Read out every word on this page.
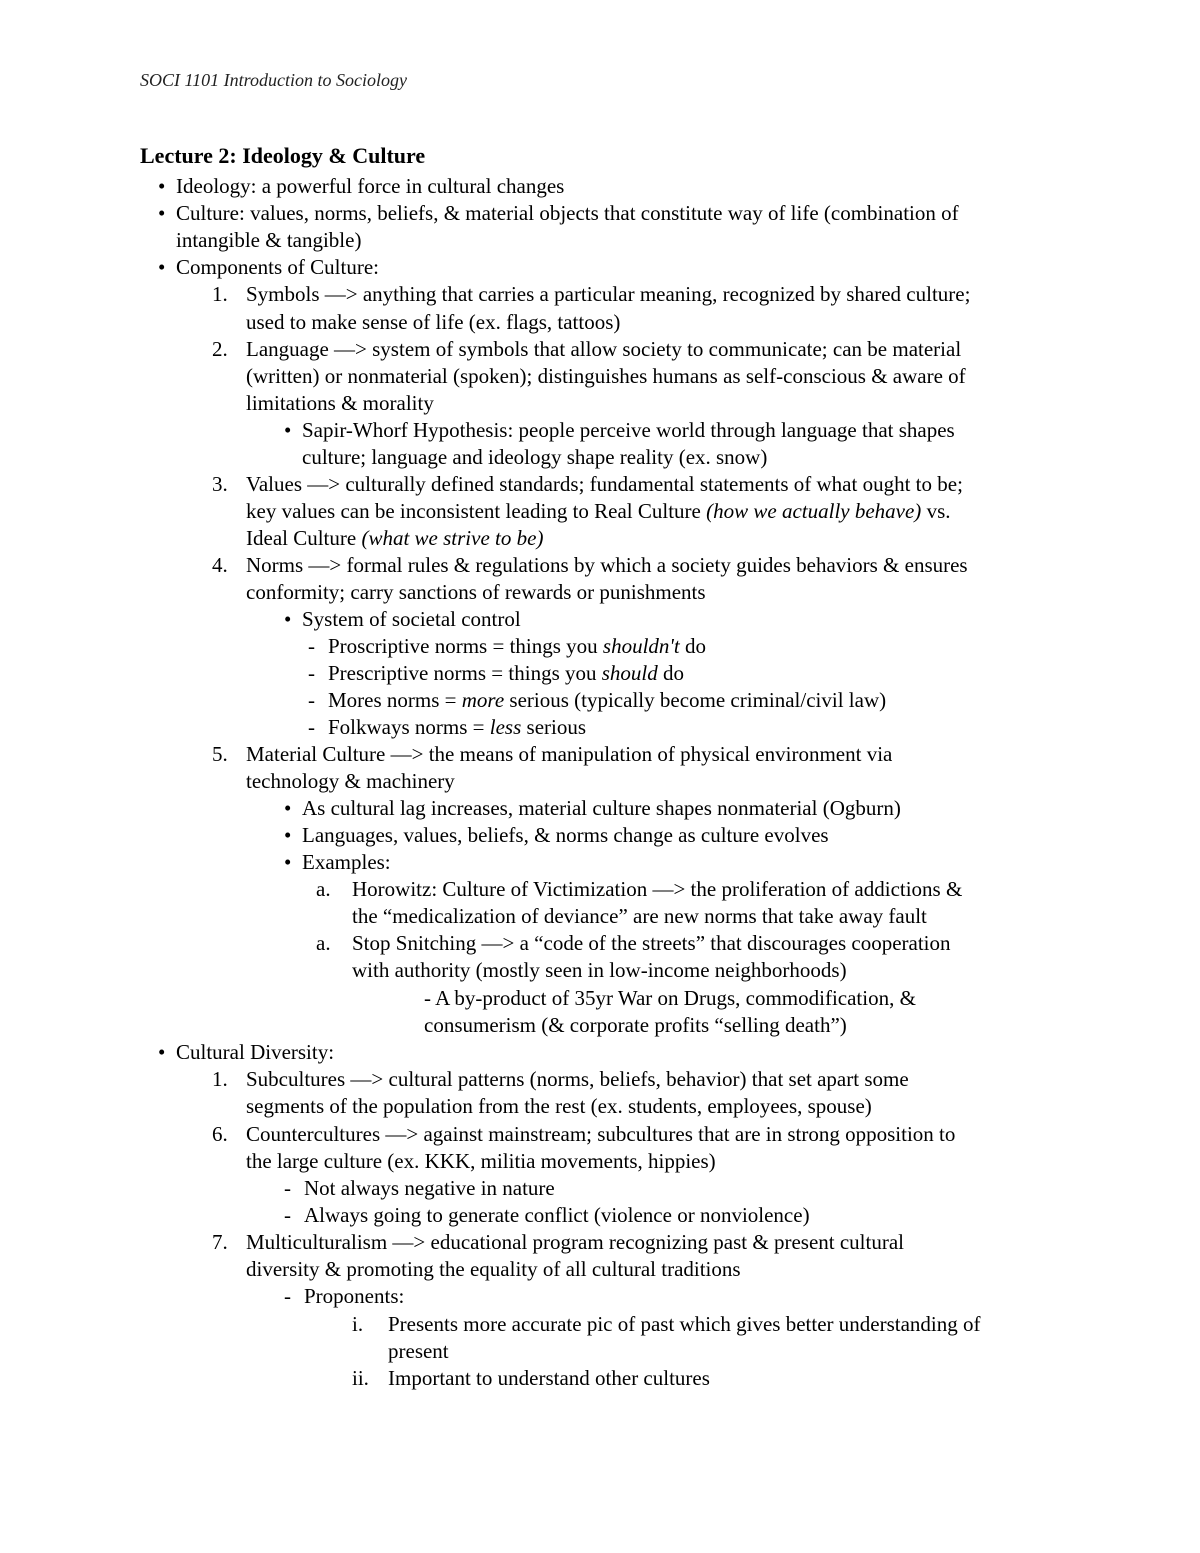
SOCI 1101 Introduction to Sociology
Lecture 2: Ideology & Culture
• Ideology: a powerful force in cultural changes
• Culture: values, norms, beliefs, & material objects that constitute way of life (combination of
intangible & tangible)
• Components of Culture:
1. Symbols —> anything that carries a particular meaning, recognized by shared culture;
used to make sense of life (ex. flags, tattoos)
2. Language —> system of symbols that allow society to communicate; can be material
(written) or nonmaterial (spoken); distinguishes humans as self-conscious & aware of
limitations & morality
• Sapir-Whorf Hypothesis: people perceive world through language that shapes
culture; language and ideology shape reality (ex. snow)
3. Values —> culturally defined standards; fundamental statements of what ought to be;
key values can be inconsistent leading to Real Culture (how we actually behave) vs.
Ideal Culture (what we strive to be)
4. Norms —> formal rules & regulations by which a society guides behaviors & ensures
conformity; carry sanctions of rewards or punishments
• System of societal control
- Proscriptive norms = things you shouldn't do
- Prescriptive norms = things you should do
- Mores norms = more serious (typically become criminal/civil law)
- Folkways norms = less serious
5. Material Culture —> the means of manipulation of physical environment via
technology & machinery
• As cultural lag increases, material culture shapes nonmaterial (Ogburn)
• Languages, values, beliefs, & norms change as culture evolves
• Examples:
a. Horowitz: Culture of Victimization —> the proliferation of addictions &
the “medicalization of deviance” are new norms that take away fault
a. Stop Snitching —> a “code of the streets” that discourages cooperation
with authority (mostly seen in low-income neighborhoods)
- A by-product of 35yr War on Drugs, commodification, &
consumerism (& corporate profits “selling death”)
• Cultural Diversity:
1. Subcultures —> cultural patterns (norms, beliefs, behavior) that set apart some
segments of the population from the rest (ex. students, employees, spouse)
6. Countercultures —> against mainstream; subcultures that are in strong opposition to
the large culture (ex. KKK, militia movements, hippies)
- Not always negative in nature
- Always going to generate conflict (violence or nonviolence)
7. Multiculturalism —> educational program recognizing past & present cultural
diversity & promoting the equality of all cultural traditions
- Proponents:
i. Presents more accurate pic of past which gives better understanding of
present
ii. Important to understand other cultures
